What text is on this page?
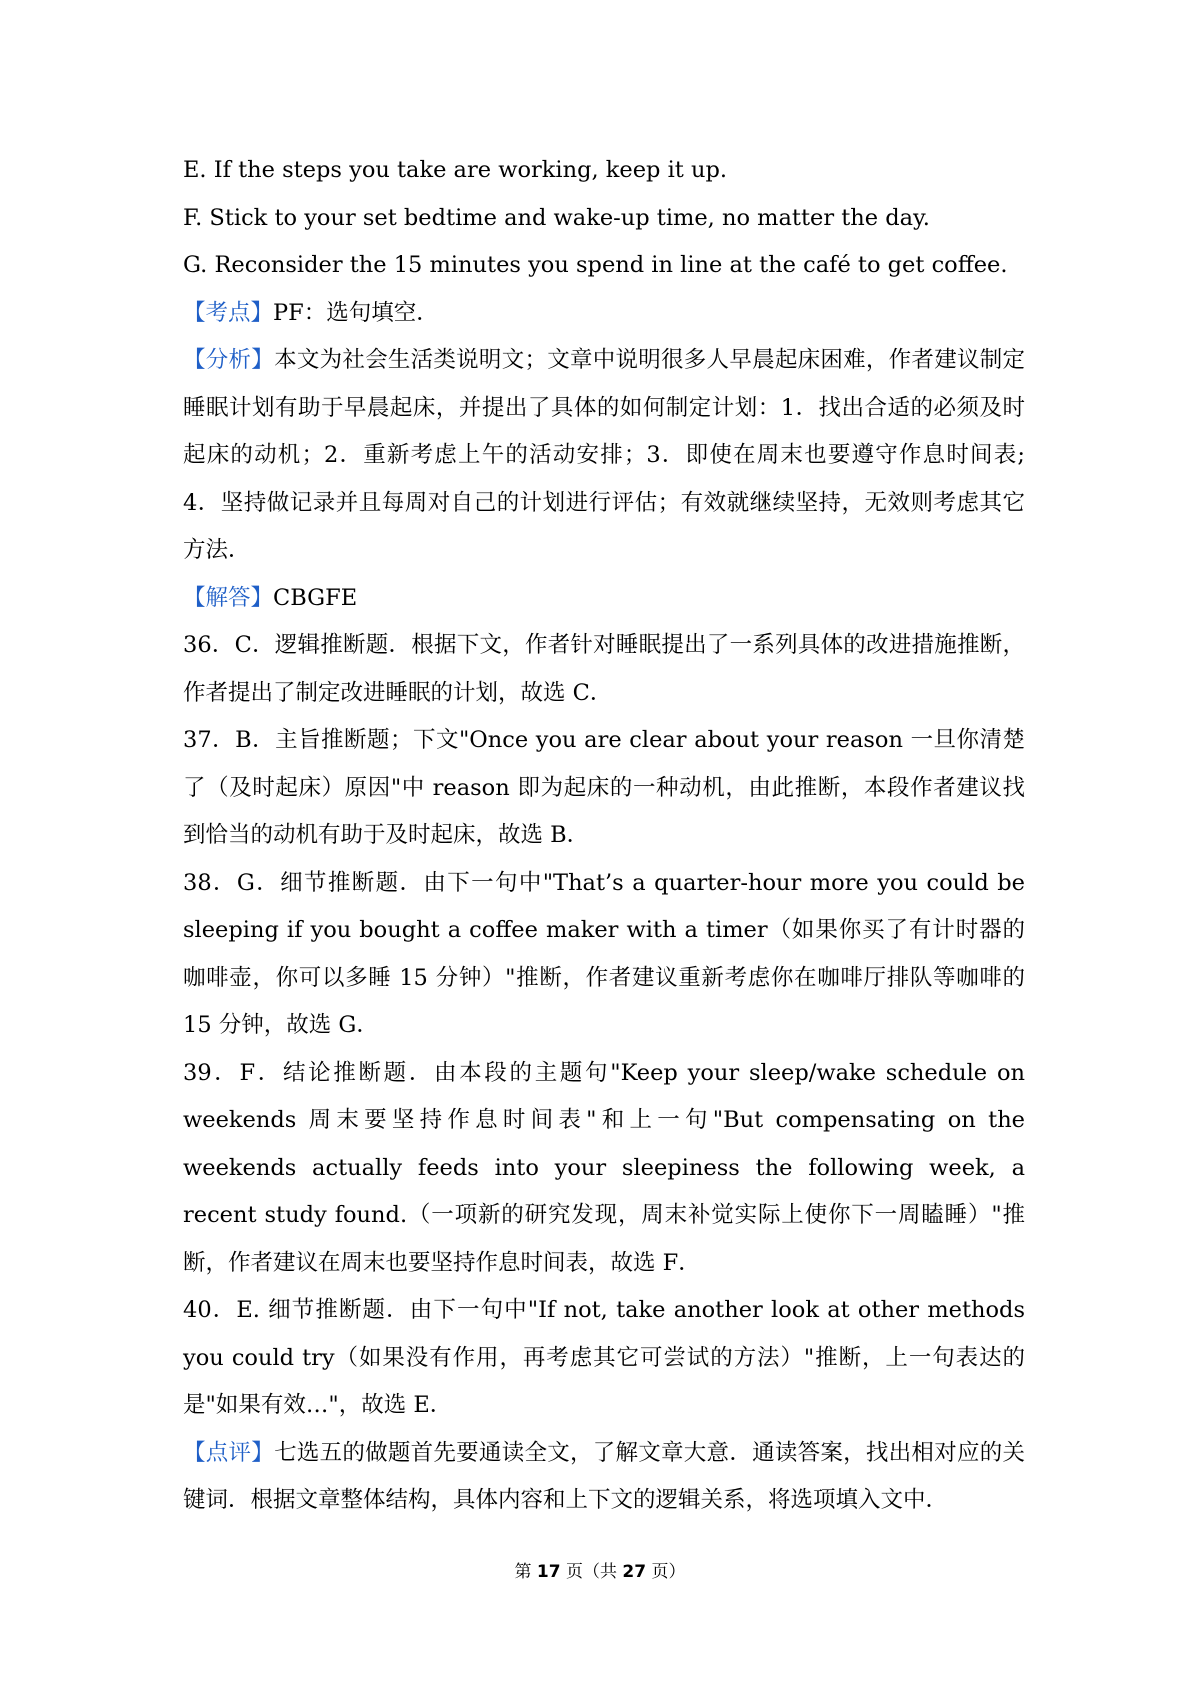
E. If the steps you take are working, keep it up.

F. Stick to your set bedtime and wake-up time, no matter the day.

G. Reconsider the 15 minutes you spend in line at the café to get coffee.

【考点】PF：选句填空．

【分析】本文为社会生活类说明文；文章中说明很多人早晨起床困难，作者建议制定睡眠计划有助于早晨起床，并提出了具体的如何制定计划：1．找出合适的必须及时起床的动机；2．重新考虑上午的活动安排；3．即使在周末也要遵守作息时间表; 4．坚持做记录并且每周对自己的计划进行评估；有效就继续坚持，无效则考虑其它方法．

【解答】CBGFE

36．C．逻辑推断题．根据下文，作者针对睡眠提出了一系列具体的改进措施推断，作者提出了制定改进睡眠的计划，故选 C．

37．B．主旨推断题；下文"Once you are clear about your reason 一旦你清楚了（及时起床）原因"中 reason 即为起床的一种动机，由此推断，本段作者建议找到恰当的动机有助于及时起床，故选 B．

38．G．细节推断题．由下一句中"That’s a quarter-hour more you could be sleeping if you bought a coffee maker with a timer（如果你买了有计时器的咖啡壶，你可以多睡 15 分钟）"推断，作者建议重新考虑你在咖啡厅排队等咖啡的 15 分钟，故选 G．

39．F．结论推断题．由本段的主题句"Keep your sleep/wake schedule on weekends 周末要坚持作息时间表"和上一句"But compensating on the weekends actually feeds into your sleepiness the following week, a recent study found.（一项新的研究发现，周末补觉实际上使你下一周瞌睡）"推断，作者建议在周末也要坚持作息时间表，故选 F．

40．E. 细节推断题．由下一句中"If not, take another look at other methods you could try（如果没有作用，再考虑其它可尝试的方法）"推断，上一句表达的是"如果有效…"，故选 E．

【点评】七选五的做题首先要通读全文，了解文章大意．通读答案，找出相对应的关键词．根据文章整体结构，具体内容和上下文的逻辑关系，将选项填入文中．

第 17 页（共 27 页）
